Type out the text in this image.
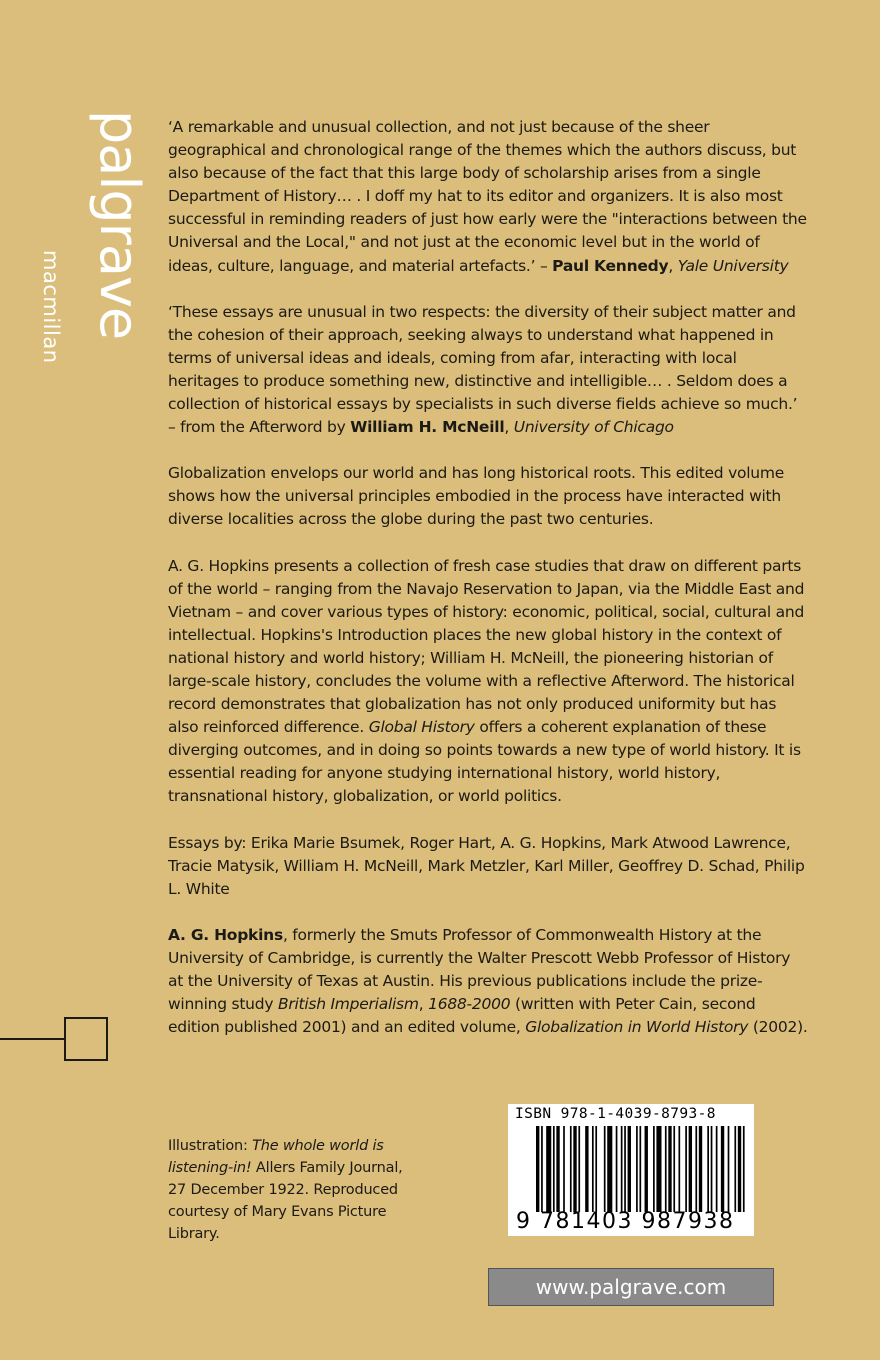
palgrave
macmillan

‘A remarkable and unusual collection, and not just because of the sheer geographical and chronological range of the themes which the authors discuss, but also because of the fact that this large body of scholarship arises from a single Department of History… . I doff my hat to its editor and organizers. It is also most successful in reminding readers of just how early were the "interactions between the Universal and the Local," and not just at the economic level but in the world of ideas, culture, language, and material artefacts.’ – Paul Kennedy, Yale University

‘These essays are unusual in two respects: the diversity of their subject matter and the cohesion of their approach, seeking always to understand what happened in terms of universal ideas and ideals, coming from afar, interacting with local heritages to produce something new, distinctive and intelligible… . Seldom does a collection of historical essays by specialists in such diverse fields achieve so much.’ – from the Afterword by William H. McNeill, University of Chicago

Globalization envelops our world and has long historical roots. This edited volume shows how the universal principles embodied in the process have interacted with diverse localities across the globe during the past two centuries.

A. G. Hopkins presents a collection of fresh case studies that draw on different parts of the world – ranging from the Navajo Reservation to Japan, via the Middle East and Vietnam – and cover various types of history: economic, political, social, cultural and intellectual. Hopkins's Introduction places the new global history in the context of national history and world history; William H. McNeill, the pioneering historian of large-scale history, concludes the volume with a reflective Afterword. The historical record demonstrates that globalization has not only produced uniformity but has also reinforced difference. Global History offers a coherent explanation of these diverging outcomes, and in doing so points towards a new type of world history. It is essential reading for anyone studying international history, world history, transnational history, globalization, or world politics.

Essays by: Erika Marie Bsumek, Roger Hart, A. G. Hopkins, Mark Atwood Lawrence, Tracie Matysik, William H. McNeill, Mark Metzler, Karl Miller, Geoffrey D. Schad, Philip L. White

A. G. Hopkins, formerly the Smuts Professor of Commonwealth History at the University of Cambridge, is currently the Walter Prescott Webb Professor of History at the University of Texas at Austin. His previous publications include the prize-winning study British Imperialism, 1688-2000 (written with Peter Cain, second edition published 2001) and an edited volume, Globalization in World History (2002).

Illustration: The whole world is listening-in! Allers Family Journal, 27 December 1922. Reproduced courtesy of Mary Evans Picture Library.
ISBN 978-1-4039-8793-8
9 781403 987938
www.palgrave.com
